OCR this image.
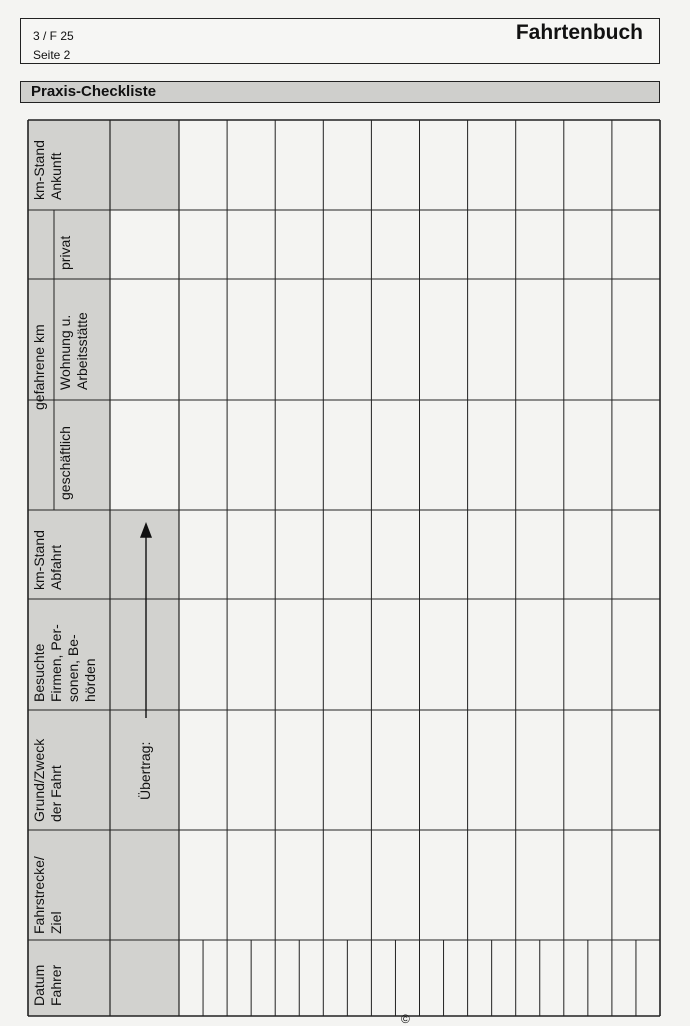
3 / F 25
Seite 2
Fahrtenbuch
Praxis-Checkliste
Datum Fahrer
Fahrstrecke/ Ziel
Grund/Zweck der Fahrt
Besuchte Firmen, Per- sonen, Be- hörden
km-Stand Abfahrt
gefahrene km
geschäftlich
Wohnung u. Arbeitsstätte
privat
km-Stand Ankunft
Übertrag:
©
